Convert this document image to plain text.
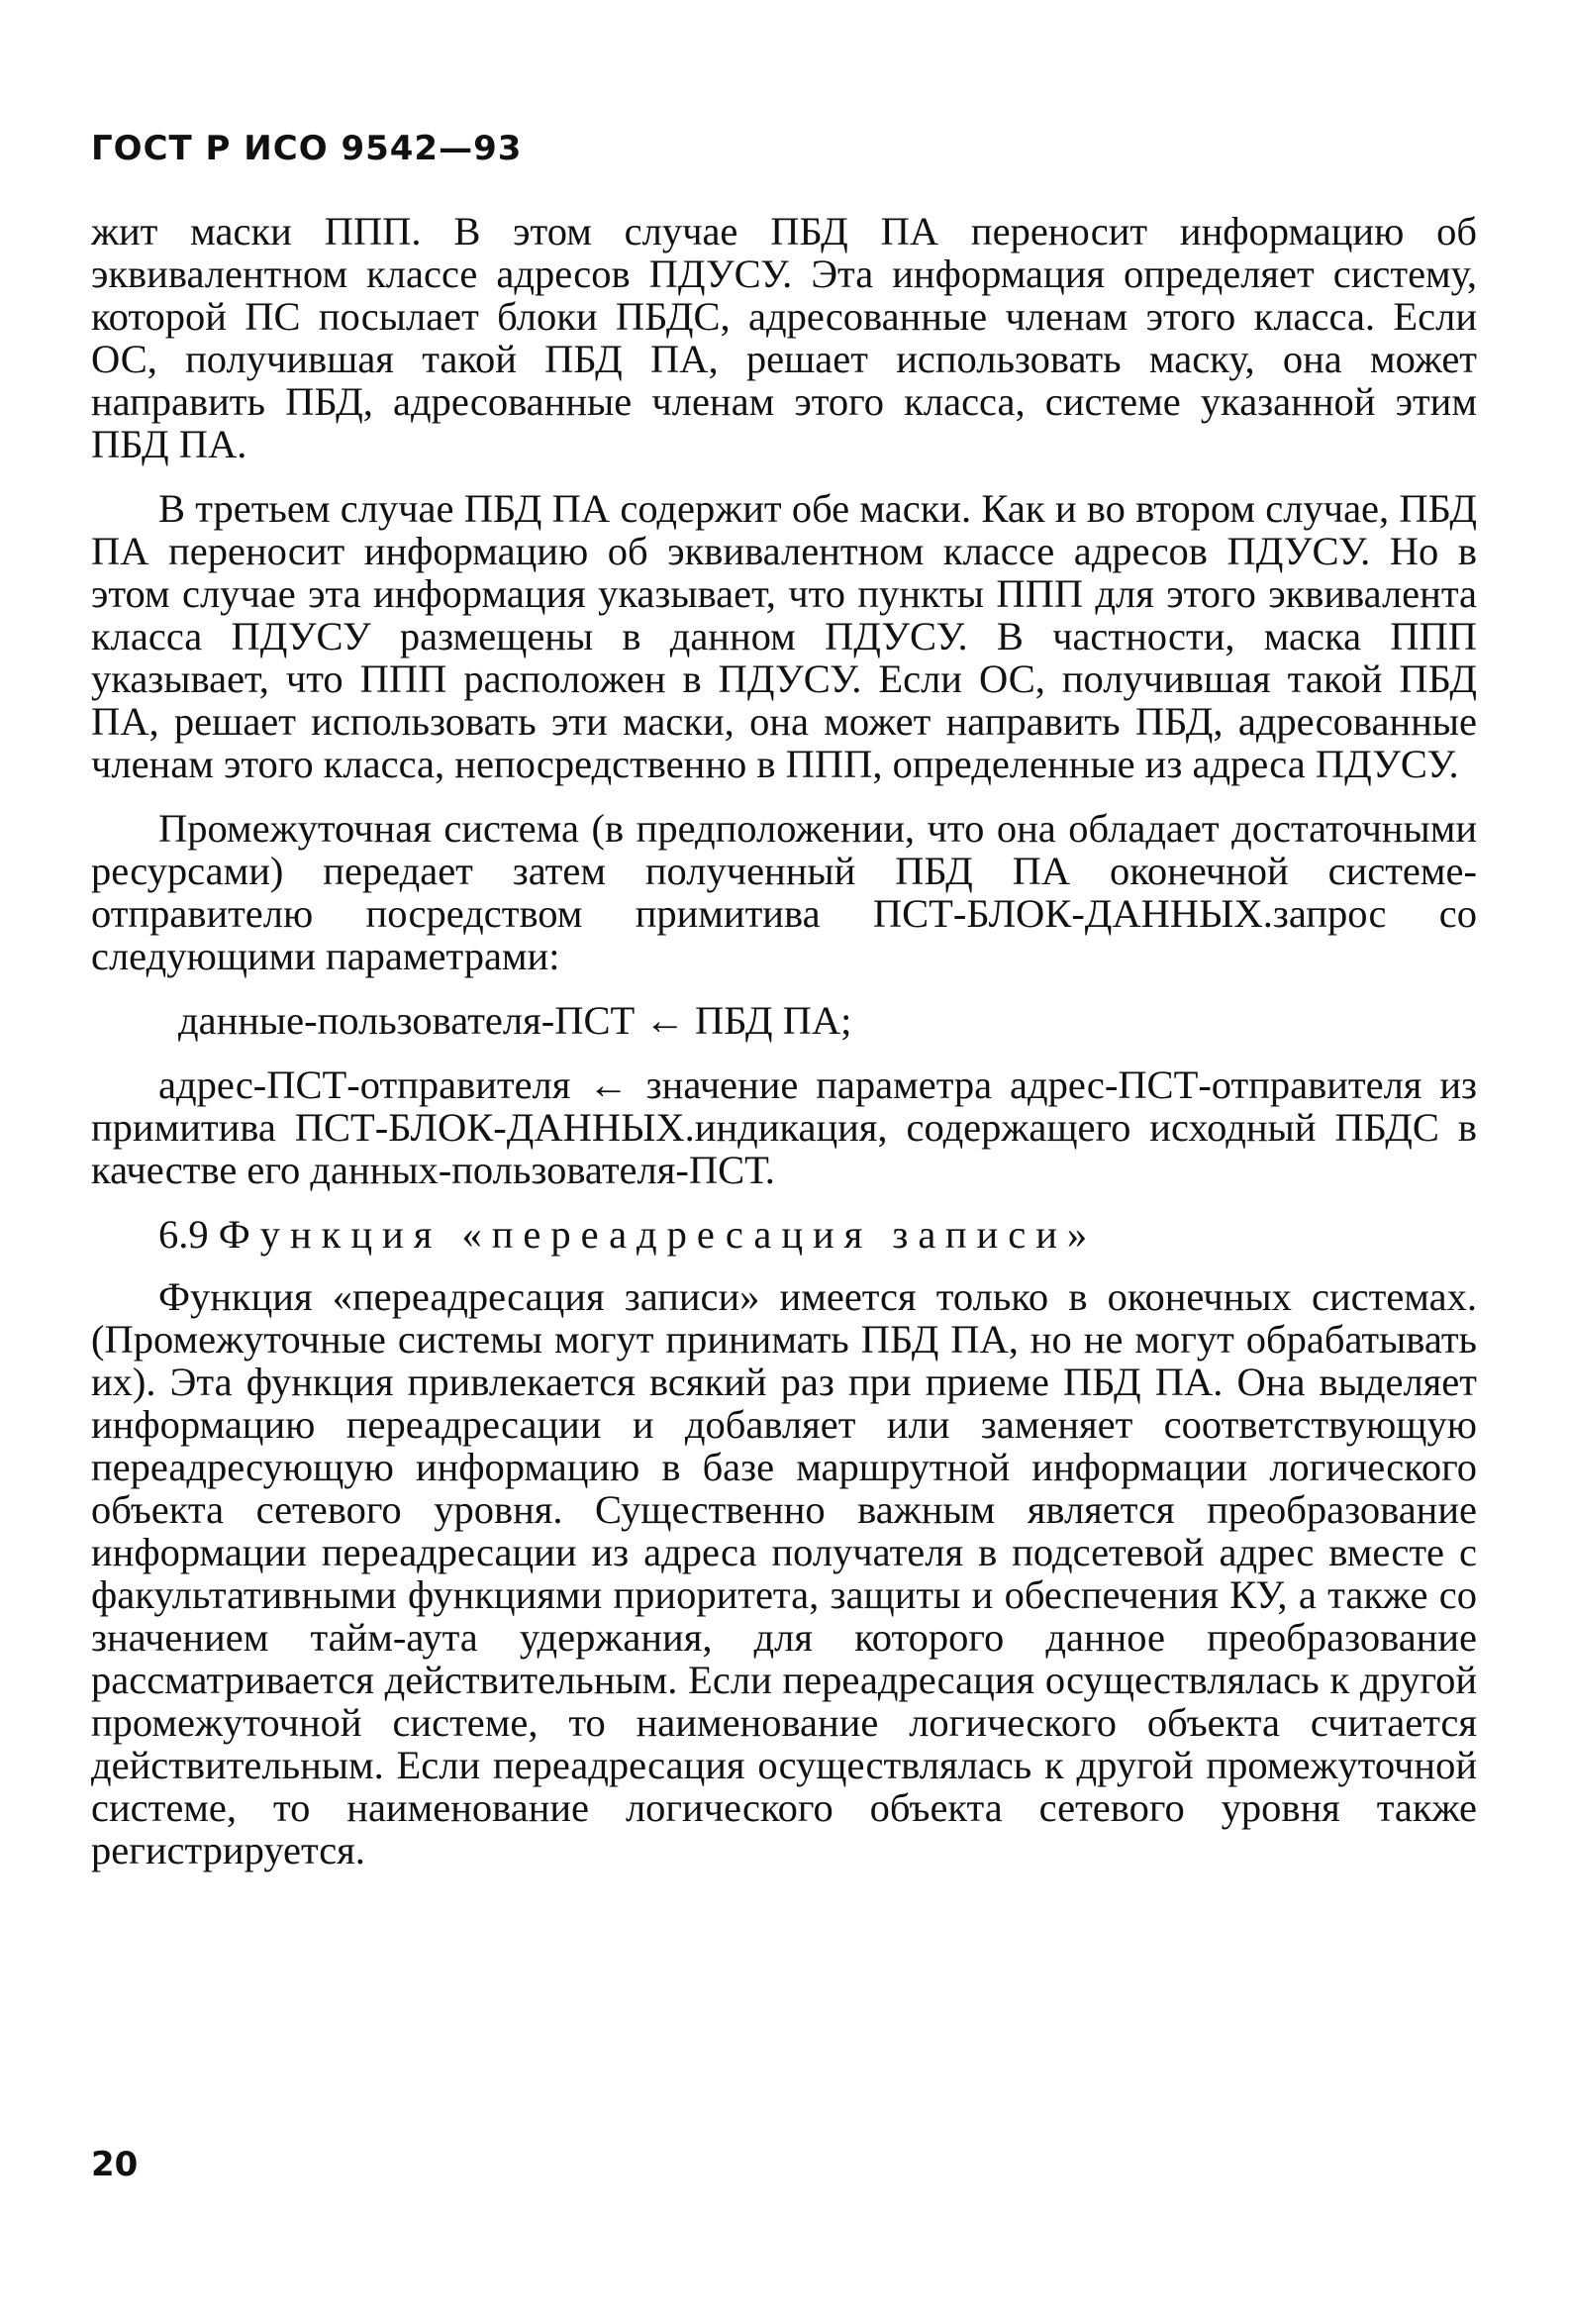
ГОСТ Р ИСО 9542—93

жит маски ППП. В этом случае ПБД ПА переносит информацию об эквивалентном классе адресов ПДУСУ. Эта информация определяет систему, которой ПС посылает блоки ПБДС, адресованные членам этого класса. Если ОС, получившая такой ПБД ПА, решает использовать маску, она может направить ПБД, адресованные членам этого класса, системе указанной этим ПБД ПА.

В третьем случае ПБД ПА содержит обе маски. Как и во втором случае, ПБД ПА переносит информацию об эквивалентном классе адресов ПДУСУ. Но в этом случае эта информация указывает, что пункты ППП для этого эквивалента класса ПДУСУ размещены в данном ПДУСУ. В частности, маска ППП указывает, что ППП расположен в ПДУСУ. Если ОС, получившая такой ПБД ПА, решает использовать эти маски, она может направить ПБД, адресованные членам этого класса, непосредственно в ППП, определенные из адреса ПДУСУ.

Промежуточная система (в предположении, что она обладает достаточными ресурсами) передает затем полученный ПБД ПА оконечной системе-отправителю посредством примитива ПСТ-БЛОК-ДАННЫХ.запрос со следующими параметрами:

данные-пользователя-ПСТ ← ПБД ПА;

адрес-ПСТ-отправителя ← значение параметра адрес-ПСТ-отправителя из примитива ПСТ-БЛОК-ДАННЫХ.индикация, содержащего исходный ПБДС в качестве его данных-пользователя-ПСТ.

6.9 Функция «переадресация записи»

Функция «переадресация записи» имеется только в оконечных системах. (Промежуточные системы могут принимать ПБД ПА, но не могут обрабатывать их). Эта функция привлекается всякий раз при приеме ПБД ПА. Она выделяет информацию переадресации и добавляет или заменяет соответствующую переадресующую информацию в базе маршрутной информации логического объекта сетевого уровня. Существенно важным является преобразование информации переадресации из адреса получателя в подсетевой адрес вместе с факультативными функциями приоритета, защиты и обеспечения КУ, а также со значением тайм-аута удержания, для которого данное преобразование рассматривается действительным. Если переадресация осуществлялась к другой промежуточной системе, то наименование логического объекта считается действительным. Если переадресация осуществлялась к другой промежуточной системе, то наименование логического объекта сетевого уровня также регистрируется.

20
